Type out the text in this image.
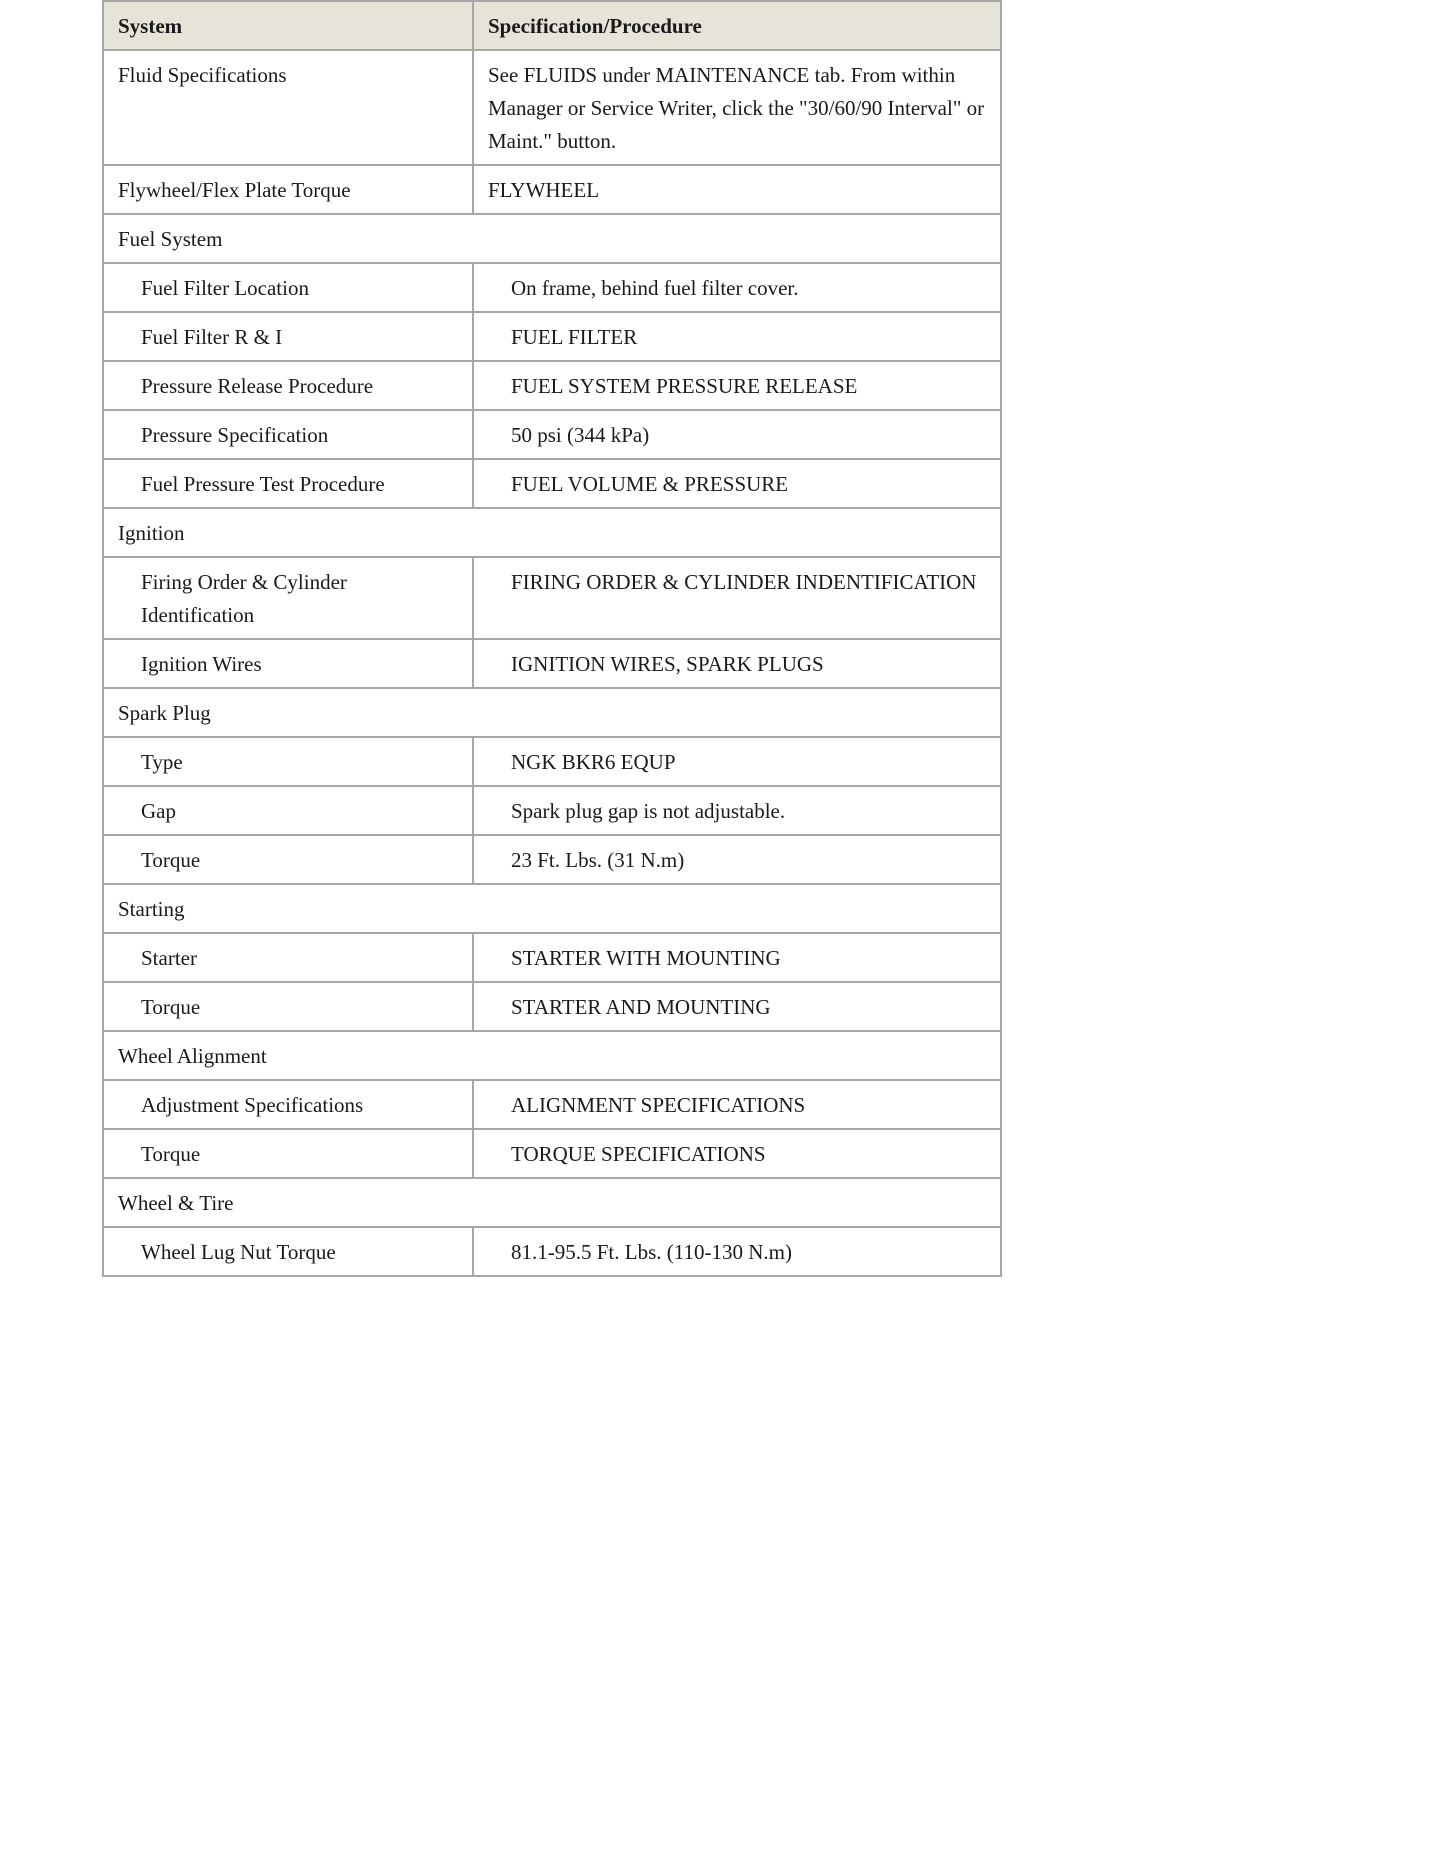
System	Specification/Procedure
Fluid Specifications	See FLUIDS under MAINTENANCE tab. From within Manager or Service Writer, click the "30/60/90 Interval" or Maint." button.
Flywheel/Flex Plate Torque	FLYWHEEL
Fuel System	
Fuel Filter Location	On frame, behind fuel filter cover.
Fuel Filter R & I	FUEL FILTER
Pressure Release Procedure	FUEL SYSTEM PRESSURE RELEASE
Pressure Specification	50 psi (344 kPa)
Fuel Pressure Test Procedure	FUEL VOLUME & PRESSURE
Ignition	
Firing Order & Cylinder Identification	FIRING ORDER & CYLINDER INDENTIFICATION
Ignition Wires	IGNITION WIRES, SPARK PLUGS
Spark Plug	
Type	NGK BKR6 EQUP
Gap	Spark plug gap is not adjustable.
Torque	23 Ft. Lbs. (31 N.m)
Starting	
Starter	STARTER WITH MOUNTING
Torque	STARTER AND MOUNTING
Wheel Alignment	
Adjustment Specifications	ALIGNMENT SPECIFICATIONS
Torque	TORQUE SPECIFICATIONS
Wheel & Tire	
Wheel Lug Nut Torque	81.1-95.5 Ft. Lbs. (110-130 N.m)
